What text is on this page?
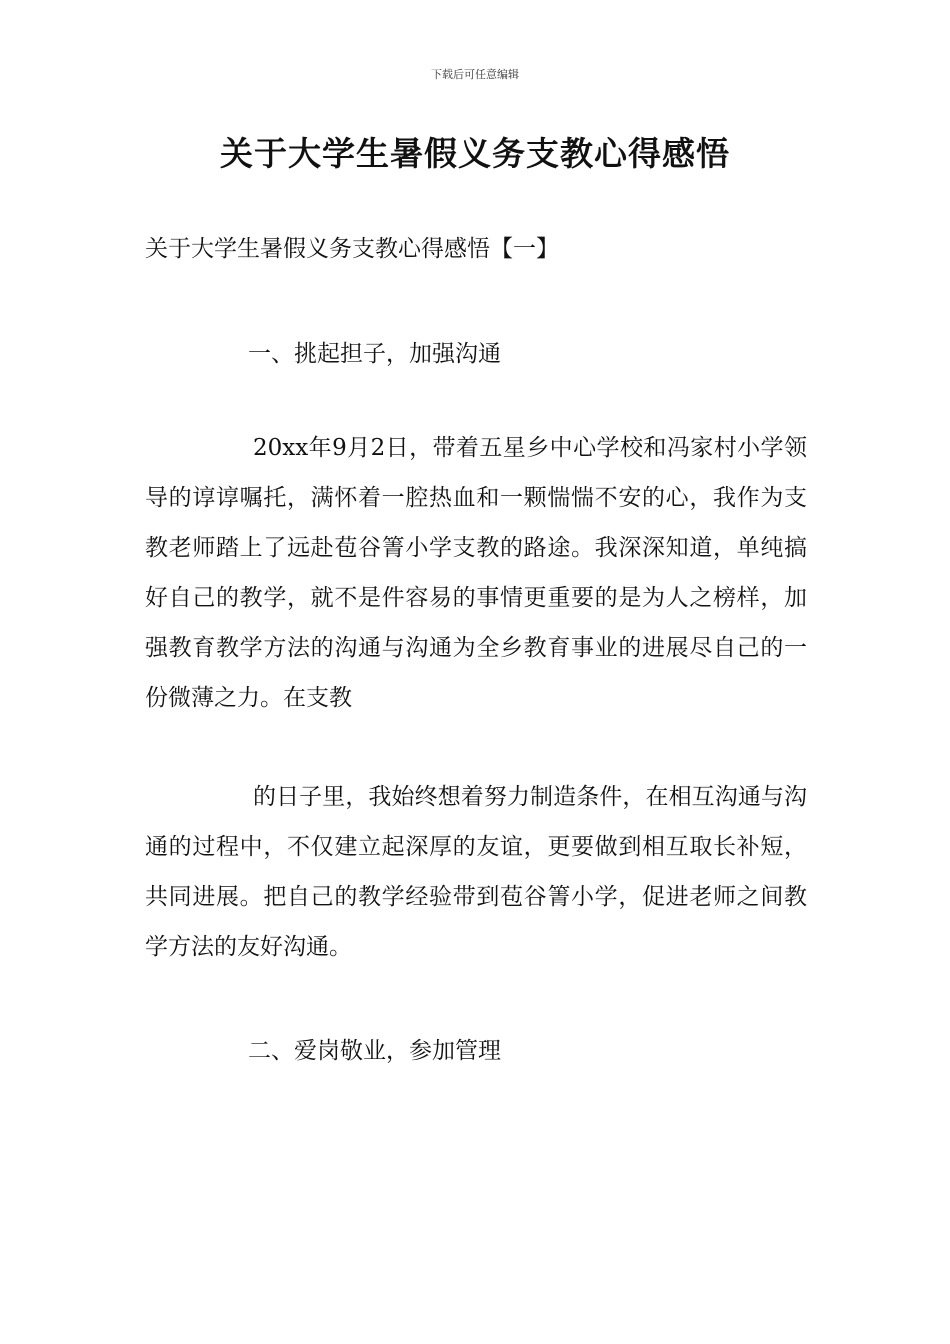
下载后可任意编辑
关于大学生暑假义务支教心得感悟

关于大学生暑假义务支教心得感悟【一】

一、挑起担子，加强沟通

20xx年9月2日，带着五星乡中心学校和冯家村小学领导的谆谆嘱托，满怀着一腔热血和一颗惴惴不安的心，我作为支教老师踏上了远赴苞谷箐小学支教的路途。我深深知道，单纯搞好自己的教学，就不是件容易的事情更重要的是为人之榜样，加强教育教学方法的沟通与沟通为全乡教育事业的进展尽自己的一份微薄之力。在支教

的日子里，我始终想着努力制造条件，在相互沟通与沟通的过程中，不仅建立起深厚的友谊，更要做到相互取长补短，共同进展。把自己的教学经验带到苞谷箐小学，促进老师之间教学方法的友好沟通。

二、爱岗敬业，参加管理
